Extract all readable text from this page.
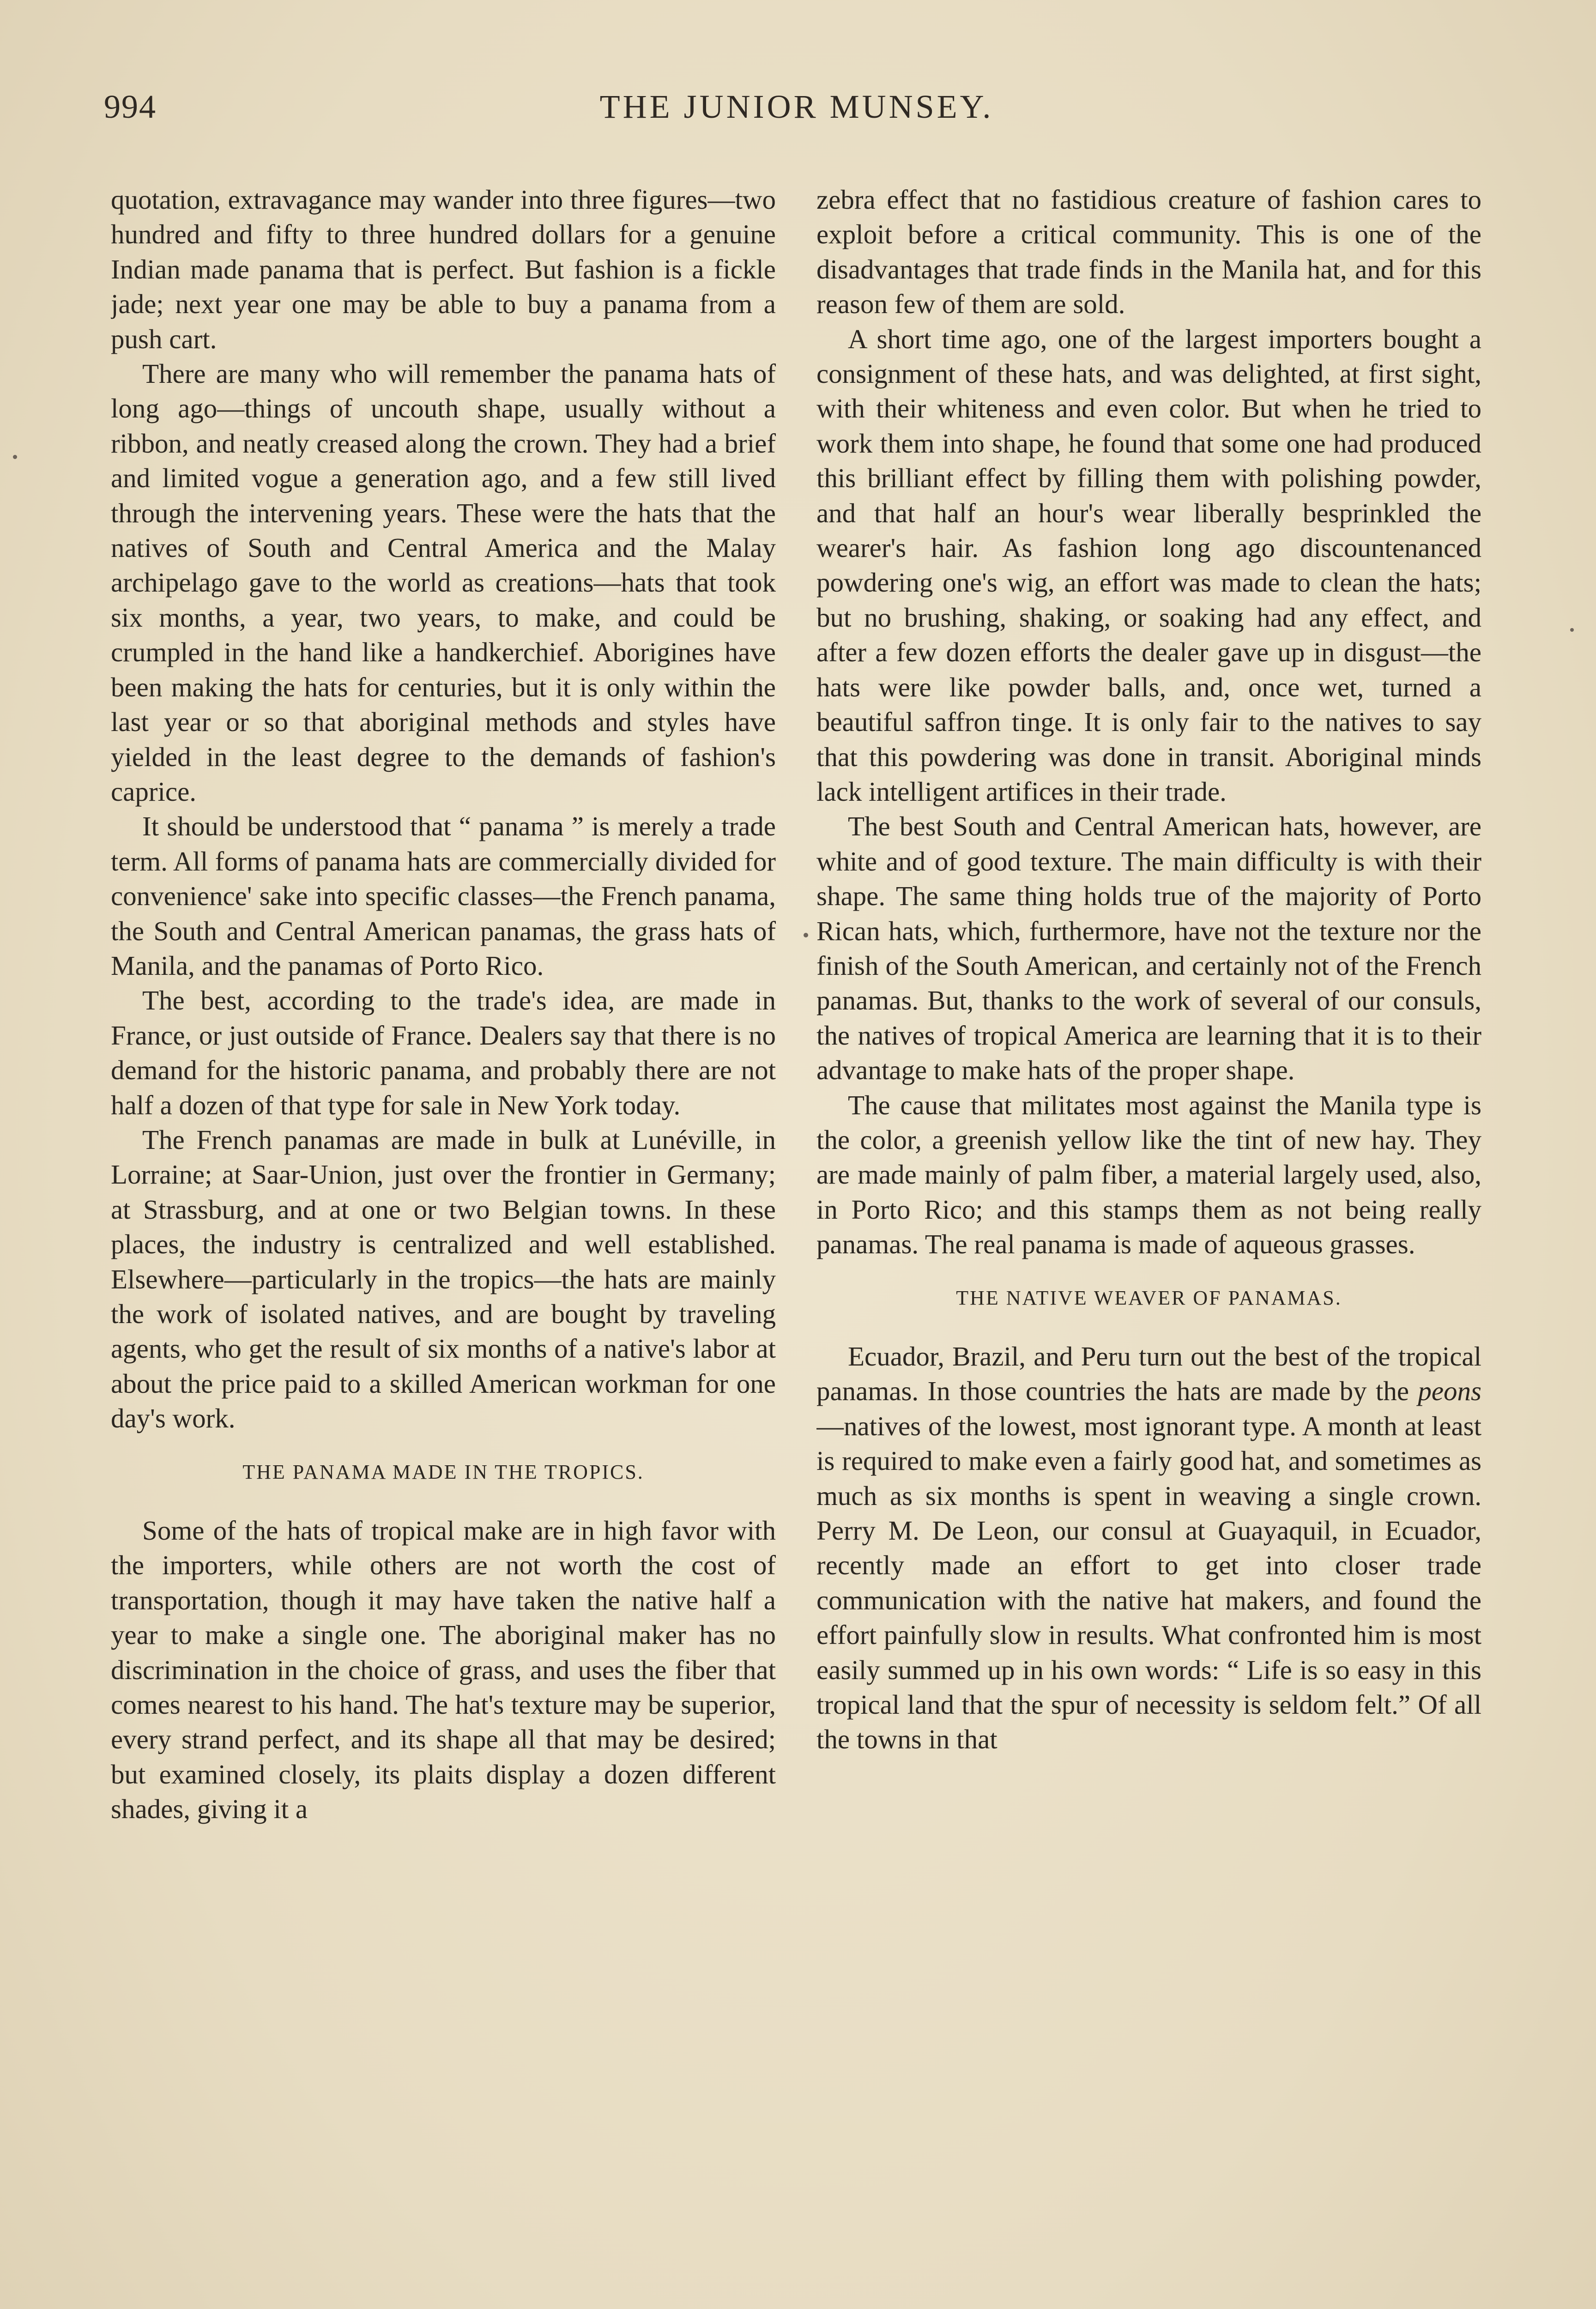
994	THE JUNIOR MUNSEY.

quotation, extravagance may wander into three figures—two hundred and fifty to three hundred dollars for a genuine Indian made panama that is perfect. But fashion is a fickle jade; next year one may be able to buy a panama from a push cart.

There are many who will remember the panama hats of long ago—things of uncouth shape, usually without a ribbon, and neatly creased along the crown. They had a brief and limited vogue a generation ago, and a few still lived through the intervening years. These were the hats that the natives of South and Central America and the Malay archipelago gave to the world as creations—hats that took six months, a year, two years, to make, and could be crumpled in the hand like a handkerchief. Aborigines have been making the hats for centuries, but it is only within the last year or so that aboriginal methods and styles have yielded in the least degree to the demands of fashion's caprice.

It should be understood that “ panama ” is merely a trade term. All forms of panama hats are commercially divided for convenience' sake into specific classes—the French panama, the South and Central American panamas, the grass hats of Manila, and the panamas of Porto Rico.

The best, according to the trade's idea, are made in France, or just outside of France. Dealers say that there is no demand for the historic panama, and probably there are not half a dozen of that type for sale in New York today.

The French panamas are made in bulk at Lunéville, in Lorraine; at Saar-Union, just over the frontier in Germany; at Strassburg, and at one or two Belgian towns. In these places, the industry is centralized and well established. Elsewhere—particularly in the tropics—the hats are mainly the work of isolated natives, and are bought by traveling agents, who get the result of six months of a native's labor at about the price paid to a skilled American workman for one day's work.

THE PANAMA MADE IN THE TROPICS.

Some of the hats of tropical make are in high favor with the importers, while others are not worth the cost of transportation, though it may have taken the native half a year to make a single one. The aboriginal maker has no discrimination in the choice of grass, and uses the fiber that comes nearest to his hand. The hat's texture may be superior, every strand perfect, and its shape all that may be desired; but examined closely, its plaits display a dozen different shades, giving it a

zebra effect that no fastidious creature of fashion cares to exploit before a critical community. This is one of the disadvantages that trade finds in the Manila hat, and for this reason few of them are sold.

A short time ago, one of the largest importers bought a consignment of these hats, and was delighted, at first sight, with their whiteness and even color. But when he tried to work them into shape, he found that some one had produced this brilliant effect by filling them with polishing powder, and that half an hour's wear liberally besprinkled the wearer's hair. As fashion long ago discountenanced powdering one's wig, an effort was made to clean the hats; but no brushing, shaking, or soaking had any effect, and after a few dozen efforts the dealer gave up in disgust—the hats were like powder balls, and, once wet, turned a beautiful saffron tinge. It is only fair to the natives to say that this powdering was done in transit. Aboriginal minds lack intelligent artifices in their trade.

The best South and Central American hats, however, are white and of good texture. The main difficulty is with their shape. The same thing holds true of the majority of Porto Rican hats, which, furthermore, have not the texture nor the finish of the South American, and certainly not of the French panamas. But, thanks to the work of several of our consuls, the natives of tropical America are learning that it is to their advantage to make hats of the proper shape.

The cause that militates most against the Manila type is the color, a greenish yellow like the tint of new hay. They are made mainly of palm fiber, a material largely used, also, in Porto Rico; and this stamps them as not being really panamas. The real panama is made of aqueous grasses.

THE NATIVE WEAVER OF PANAMAS.

Ecuador, Brazil, and Peru turn out the best of the tropical panamas. In those countries the hats are made by the peons—natives of the lowest, most ignorant type. A month at least is required to make even a fairly good hat, and sometimes as much as six months is spent in weaving a single crown. Perry M. De Leon, our consul at Guayaquil, in Ecuador, recently made an effort to get into closer trade communication with the native hat makers, and found the effort painfully slow in results. What confronted him is most easily summed up in his own words: “ Life is so easy in this tropical land that the spur of necessity is seldom felt.” Of all the towns in that
